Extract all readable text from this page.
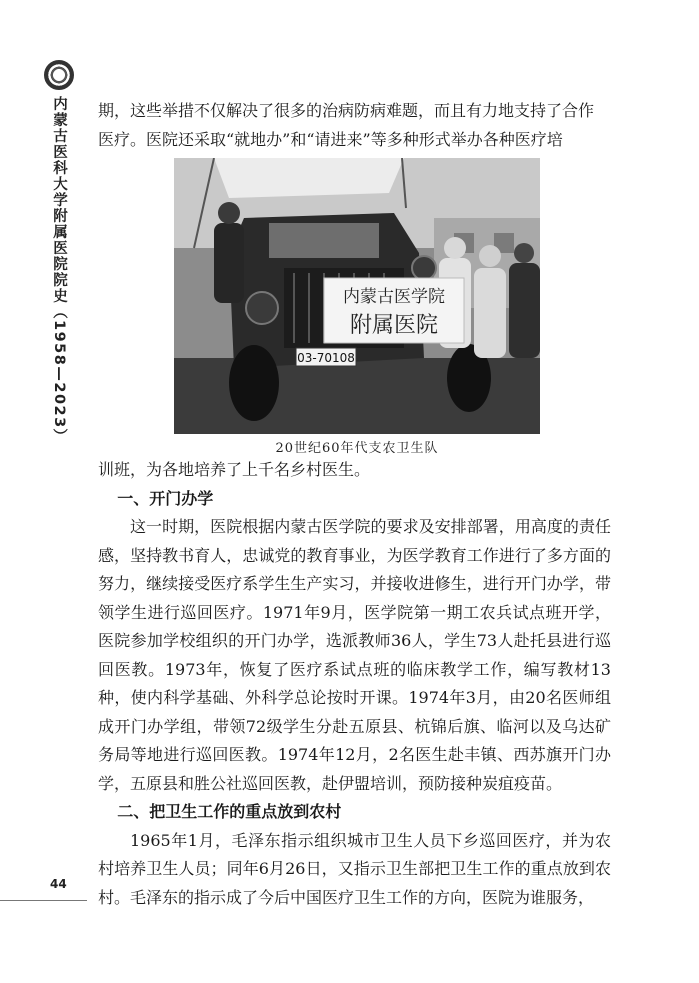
内蒙古医科大学附属医院院史（1958—2023） 期，这些举措不仅解决了很多的治病防病难题，而且有力地支持了合作

医疗。医院还采取“就地办”和“请进来”等多种形式举办各种医疗培

内蒙古医学院
附属医院
03-70108
20世纪60年代支农卫生队

训班，为各地培养了上千名乡村医生。

一、开门办学

这一时期，医院根据内蒙古医学院的要求及安排部署，用高度的责任感，坚持教书育人，忠诚党的教育事业，为医学教育工作进行了多方面的努力，继续接受医疗系学生生产实习，并接收进修生，进行开门办学，带领学生进行巡回医疗。1971年9月，医学院第一期工农兵试点班开学，医院参加学校组织的开门办学，选派教师36人，学生73人赴托县进行巡回医教。1973年，恢复了医疗系试点班的临床教学工作，编写教材13种，使内科学基础、外科学总论按时开课。1974年3月，由20名医师组成开门办学组，带领72级学生分赴五原县、杭锦后旗、临河以及乌达矿务局等地进行巡回医教。1974年12月，2名医生赴丰镇、西苏旗开门办学，五原县和胜公社巡回医教，赴伊盟培训，预防接种炭疽疫苗。

二、把卫生工作的重点放到农村

1965年1月，毛泽东指示组织城市卫生人员下乡巡回医疗，并为农村培养卫生人员；同年6月26日，又指示卫生部把卫生工作的重点放到农村。毛泽东的指示成了今后中国医疗卫生工作的方向，医院为谁服务，

44
